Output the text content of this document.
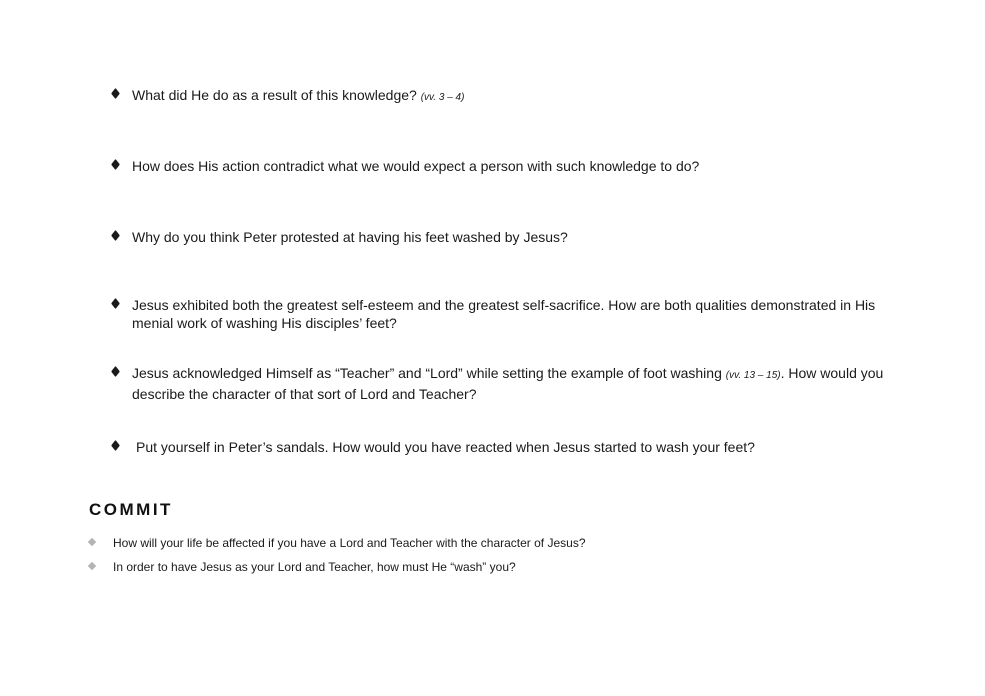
What did He do as a result of this knowledge? (vv. 3 – 4)
How does His action contradict what we would expect a person with such knowledge to do?
Why do you think Peter protested at having his feet washed by Jesus?
Jesus exhibited both the greatest self-esteem and the greatest self-sacrifice. How are both qualities demonstrated in His menial work of washing His disciples’ feet?
Jesus acknowledged Himself as “Teacher” and “Lord” while setting the example of foot washing (vv. 13 – 15). How would you describe the character of that sort of Lord and Teacher?
Put yourself in Peter’s sandals. How would you have reacted when Jesus started to wash your feet?
COMMIT
How will your life be affected if you have a Lord and Teacher with the character of Jesus?
In order to have Jesus as your Lord and Teacher, how must He “wash” you?
